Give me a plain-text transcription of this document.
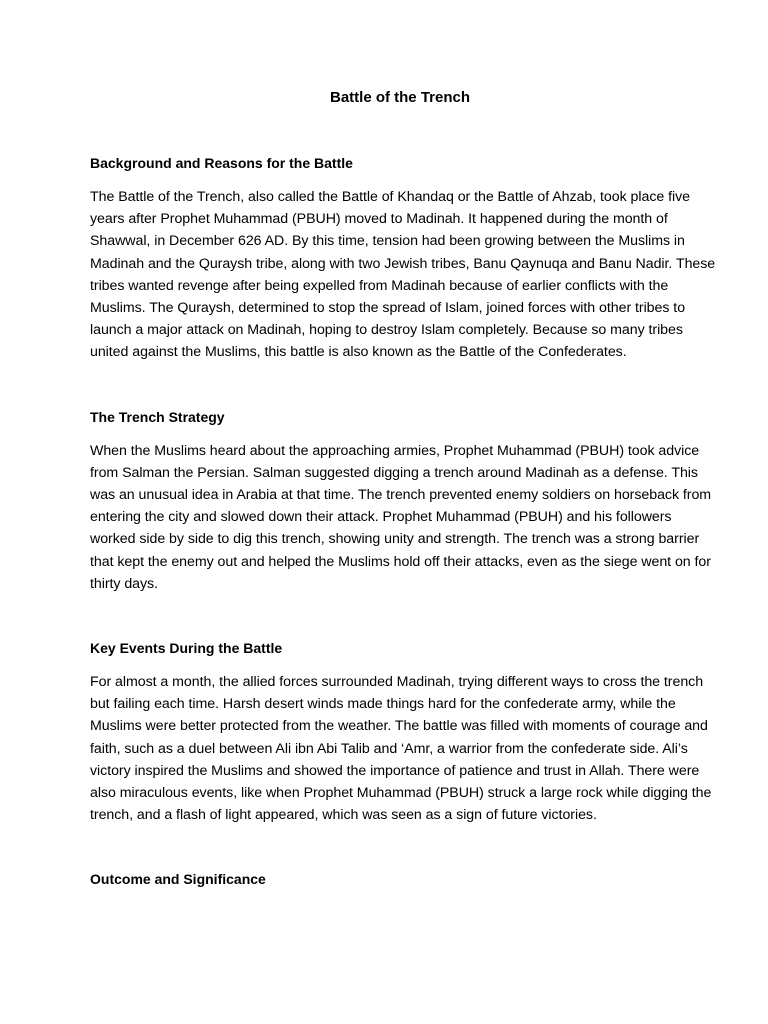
Battle of the Trench
Background and Reasons for the Battle

The Battle of the Trench, also called the Battle of Khandaq or the Battle of Ahzab, took place five years after Prophet Muhammad (PBUH) moved to Madinah. It happened during the month of Shawwal, in December 626 AD. By this time, tension had been growing between the Muslims in Madinah and the Quraysh tribe, along with two Jewish tribes, Banu Qaynuqa and Banu Nadir. These tribes wanted revenge after being expelled from Madinah because of earlier conflicts with the Muslims. The Quraysh, determined to stop the spread of Islam, joined forces with other tribes to launch a major attack on Madinah, hoping to destroy Islam completely. Because so many tribes united against the Muslims, this battle is also known as the Battle of the Confederates.

The Trench Strategy

When the Muslims heard about the approaching armies, Prophet Muhammad (PBUH) took advice from Salman the Persian. Salman suggested digging a trench around Madinah as a defense. This was an unusual idea in Arabia at that time. The trench prevented enemy soldiers on horseback from entering the city and slowed down their attack. Prophet Muhammad (PBUH) and his followers worked side by side to dig this trench, showing unity and strength. The trench was a strong barrier that kept the enemy out and helped the Muslims hold off their attacks, even as the siege went on for thirty days.

Key Events During the Battle

For almost a month, the allied forces surrounded Madinah, trying different ways to cross the trench but failing each time. Harsh desert winds made things hard for the confederate army, while the Muslims were better protected from the weather. The battle was filled with moments of courage and faith, such as a duel between Ali ibn Abi Talib and ‘Amr, a warrior from the confederate side. Ali’s victory inspired the Muslims and showed the importance of patience and trust in Allah. There were also miraculous events, like when Prophet Muhammad (PBUH) struck a large rock while digging the trench, and a flash of light appeared, which was seen as a sign of future victories.

Outcome and Significance
